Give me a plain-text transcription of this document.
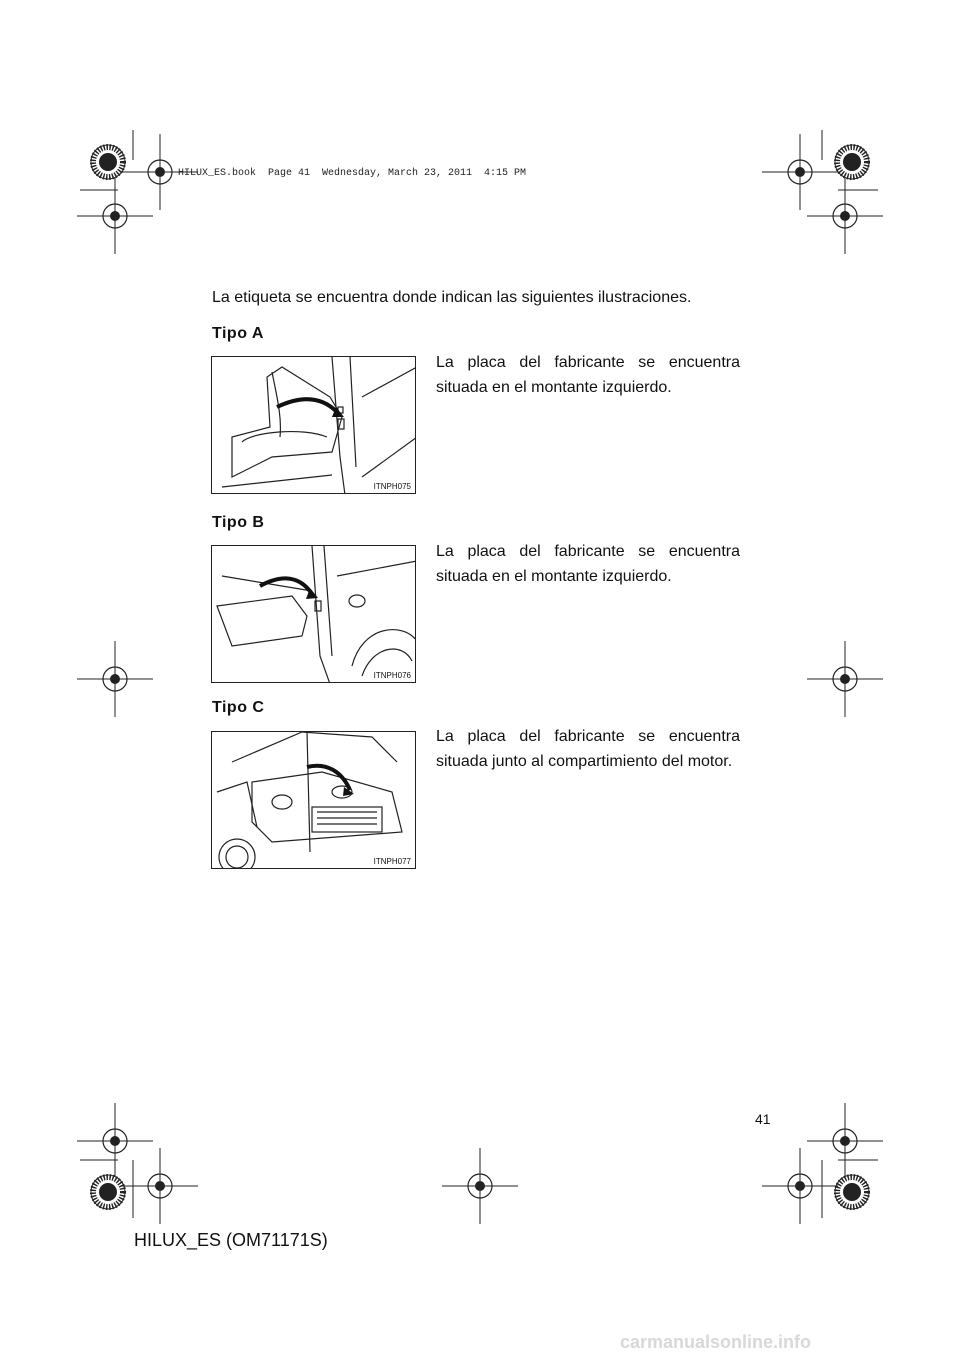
HILUX_ES.book  Page 41  Wednesday, March 23, 2011  4:15 PM
La etiqueta se encuentra donde indican las siguientes ilustraciones.
Tipo A
ITNPH075
La placa del fabricante se encuentra situada en el montante izquierdo.
Tipo B
ITNPH076
La placa del fabricante se encuentra situada en el montante izquierdo.
Tipo C
ITNPH077
La placa del fabricante se encuentra situada junto al compartimiento del motor.
41
HILUX_ES (OM71171S)
carmanualsonline.info
